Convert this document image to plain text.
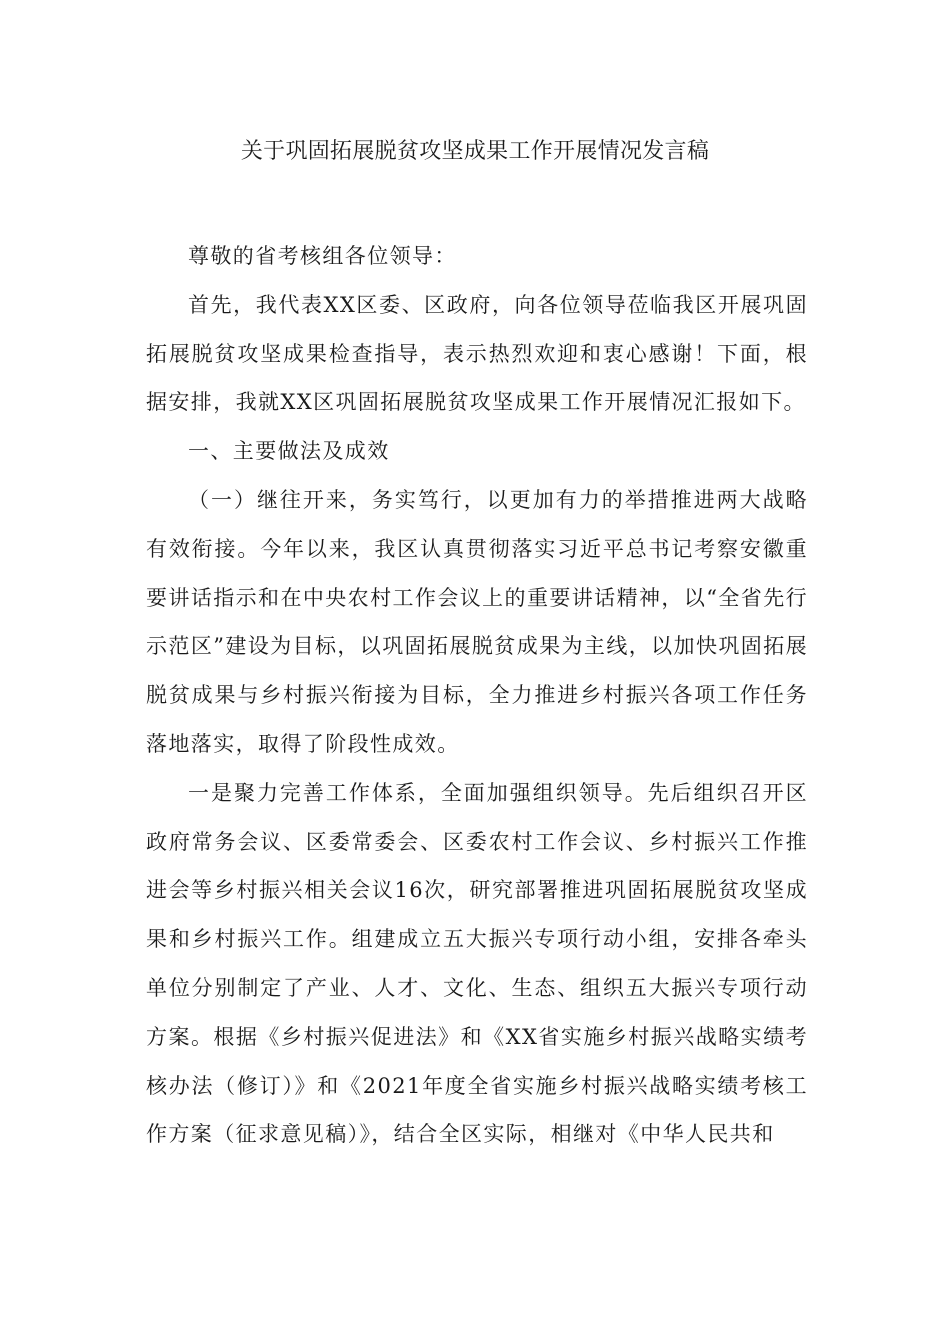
关于巩固拓展脱贫攻坚成果工作开展情况发言稿

尊敬的省考核组各位领导：

首先，我代表XX区委、区政府，向各位领导莅临我区开展巩固拓展脱贫攻坚成果检查指导，表示热烈欢迎和衷心感谢！下面，根据安排，我就XX区巩固拓展脱贫攻坚成果工作开展情况汇报如下。

一、主要做法及成效

（一）继往开来，务实笃行，以更加有力的举措推进两大战略有效衔接。今年以来，我区认真贯彻落实习近平总书记考察安徽重要讲话指示和在中央农村工作会议上的重要讲话精神，以“全省先行示范区”建设为目标，以巩固拓展脱贫成果为主线，以加快巩固拓展脱贫成果与乡村振兴衔接为目标，全力推进乡村振兴各项工作任务落地落实，取得了阶段性成效。

一是聚力完善工作体系，全面加强组织领导。先后组织召开区政府常务会议、区委常委会、区委农村工作会议、乡村振兴工作推进会等乡村振兴相关会议16次，研究部署推进巩固拓展脱贫攻坚成果和乡村振兴工作。组建成立五大振兴专项行动小组，安排各牵头单位分别制定了产业、人才、文化、生态、组织五大振兴专项行动方案。根据《乡村振兴促进法》和《XX省实施乡村振兴战略实绩考核办法（修订）》和《2021年度全省实施乡村振兴战略实绩考核工作方案（征求意见稿）》，结合全区实际，相继对《中华人民共和
